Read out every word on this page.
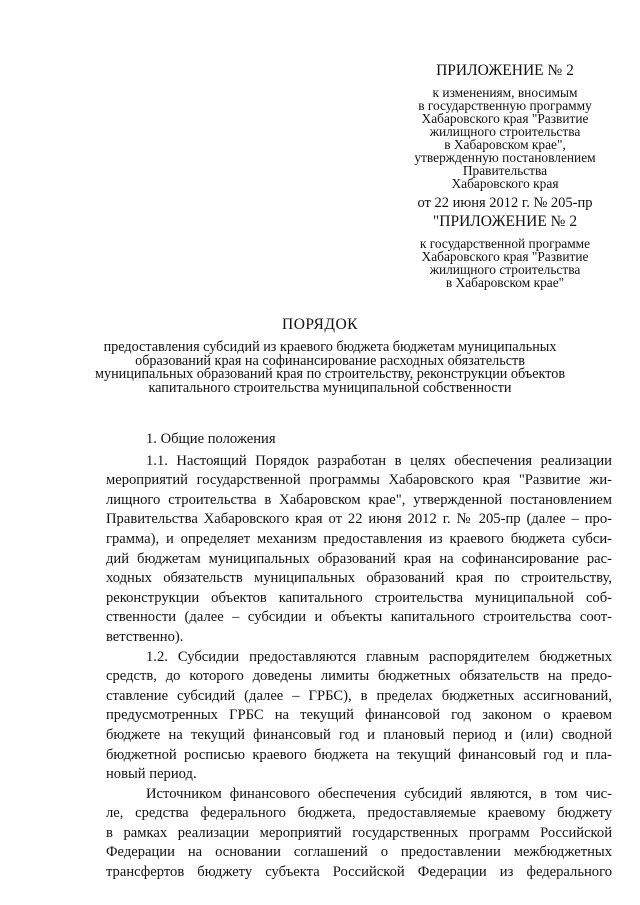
ПРИЛОЖЕНИЕ № 2
к изменениям, вносимым
в государственную программу
Хабаровского края "Развитие
жилищного строительства
в Хабаровском крае",
утвержденную постановлением
Правительства
Хабаровского края
от 22 июня 2012 г. № 205-пр
"ПРИЛОЖЕНИЕ № 2
к государственной программе
Хабаровского края "Развитие
жилищного строительства
в Хабаровском крае"
ПОРЯДОК
предоставления субсидий из краевого бюджета бюджетам муниципальных
образований края на софинансирование расходных обязательств
муниципальных образований края по строительству, реконструкции объектов
капитального строительства муниципальной собственности
1. Общие положения
1.1. Настоящий Порядок разработан в целях обеспечения реализации
мероприятий государственной программы Хабаровского края "Развитие жи-
лищного строительства в Хабаровском крае", утвержденной постановлением
Правительства Хабаровского края от 22 июня 2012 г. № 205-пр (далее – про-
грамма), и определяет механизм предоставления из краевого бюджета субси-
дий бюджетам муниципальных образований края на софинансирование рас-
ходных обязательств муниципальных образований края по строительству,
реконструкции объектов капитального строительства муниципальной соб-
ственности (далее – субсидии и объекты капитального строительства соот-
ветственно).
1.2. Субсидии предоставляются главным распорядителем бюджетных
средств, до которого доведены лимиты бюджетных обязательств на предо-
ставление субсидий (далее – ГРБС), в пределах бюджетных ассигнований,
предусмотренных ГРБС на текущий финансовой год законом о краевом
бюджете на текущий финансовый год и плановый период и (или) сводной
бюджетной росписью краевого бюджета на текущий финансовый год и пла-
новый период.
Источником финансового обеспечения субсидий являются, в том чис-
ле, средства федерального бюджета, предоставляемые краевому бюджету
в рамках реализации мероприятий государственных программ Российской
Федерации на основании соглашений о предоставлении межбюджетных
трансфертов бюджету субъекта Российской Федерации из федерального
